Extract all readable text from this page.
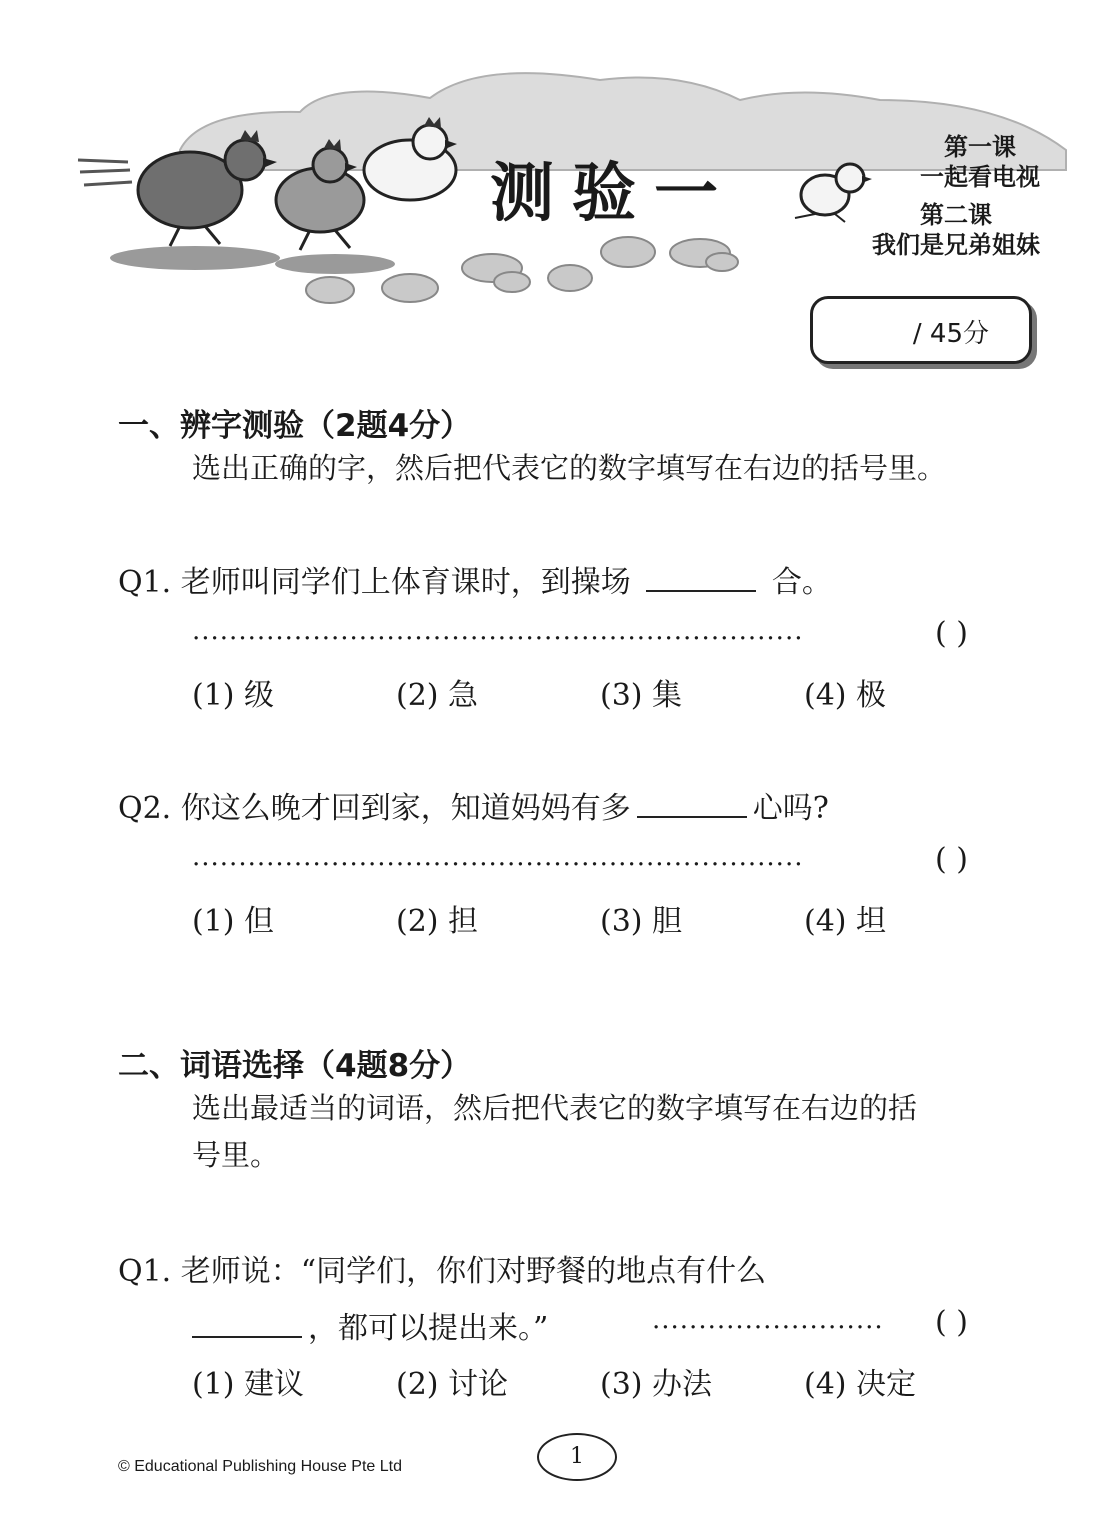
测验一
第一课
一起看电视
第二课
我们是兄弟姐妹
/ 45分
一、辨字测验（2题4分）
选出正确的字，然后把代表它的数字填写在右边的括号里。
Q1. 老师叫同学们上体育课时，到操场	合。
..................................................................	( )
(1) 级	(2) 急	(3) 集	(4) 极
Q2. 你这么晚才回到家，知道妈妈有多	心吗?
..................................................................	( )
(1) 但	(2) 担	(3) 胆	(4) 坦
二、词语选择（4题8分）
选出最适当的词语，然后把代表它的数字填写在右边的括
号里。
Q1. 老师说：“同学们，你们对野餐的地点有什么
，都可以提出来。”	......................... ( )
(1) 建议	(2) 讨论	(3) 办法	(4) 决定
© Educational Publishing House Pte Ltd	1
